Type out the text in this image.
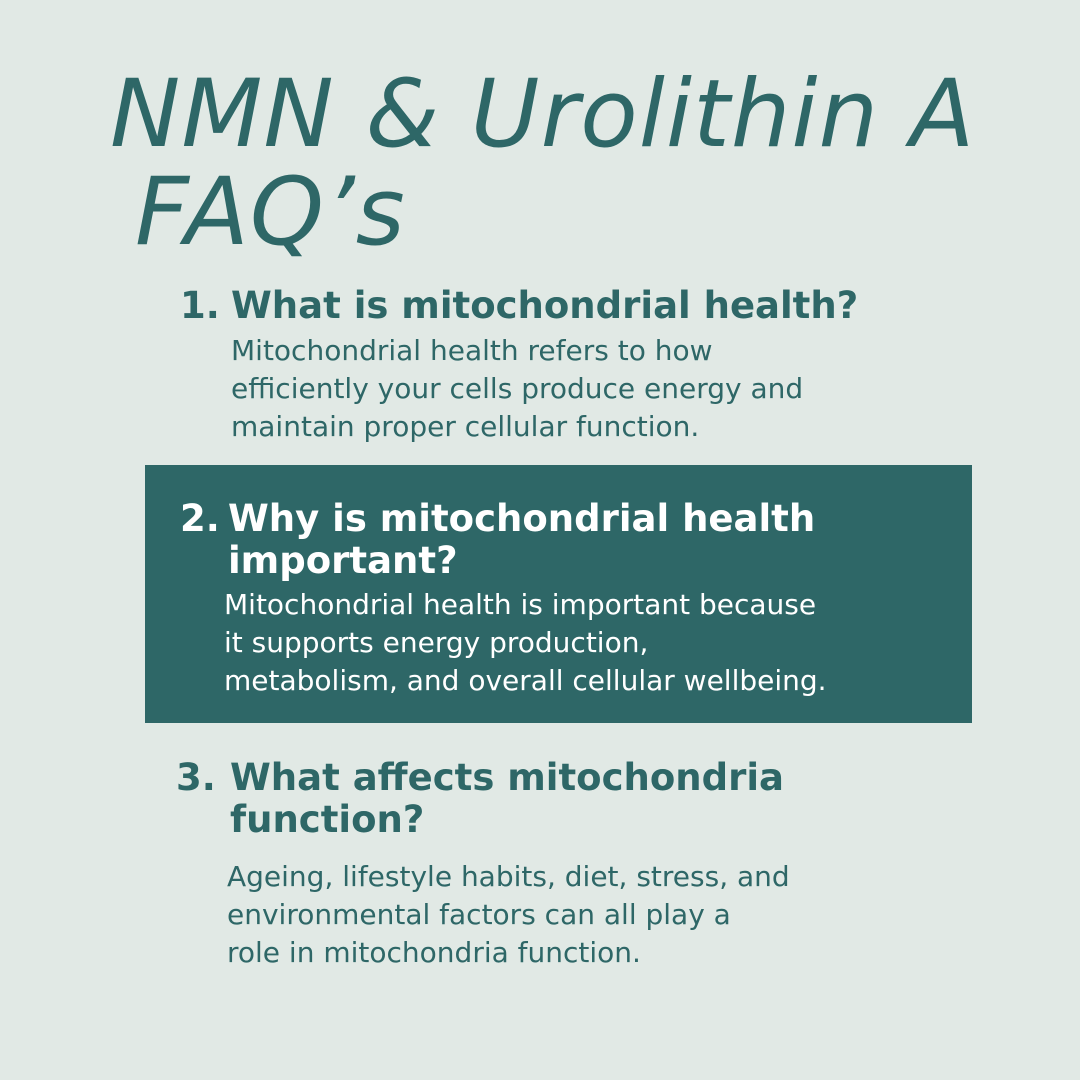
NMN & Urolithin A
FAQ’s
1. What is mitochondrial health?
Mitochondrial health refers to how
efficiently your cells produce energy and
maintain proper cellular function.
2. Why is mitochondrial health
important?
Mitochondrial health is important because
it supports energy production,
metabolism, and overall cellular wellbeing.
3. What affects mitochondria
function?
Ageing, lifestyle habits, diet, stress, and
environmental factors can all play a
role in mitochondria function.
